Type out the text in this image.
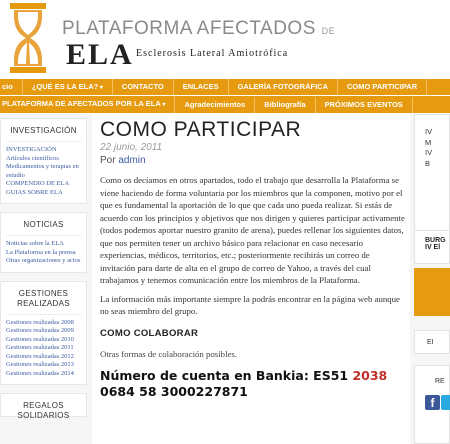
PLATAFORMA AFECTADOS DE
ELA Esclerosis Lateral Amiotrófica
cio	¿QUÉ ES LA ELA? ▾	CONTACTO	ENLACES	GALERÍA FOTOGRÁFICA	COMO PARTICIPAR
PLATAFORMA DE AFECTADOS POR LA ELA ▾	Agradecimientos	Bibliografía	PRÓXIMOS EVENTOS
INVESTIGACIÓN
INVESTIGACIÓN
Artículos científicos
Medicamentos y terapias en estudio
COMPENDIO DE ELA
GUIAS SOBRE ELA
NOTICIAS
Noticias sobre la ELA
La Plataforma en la prensa
Otras organizaciones y actos
GESTIONES REALIZADAS
Gestiones realizadas 2008
Gestiones realizadas 2009
Gestiones realizadas 2010
Gestiones realizadas 2011
Gestiones realizadas 2012
Gestiones realizadas 2013
Gestiones realizadas 2014
REGALOS SOLIDARIOS
COMO PARTICIPAR
22 junio, 2011
Por admin

Como os decíamos en otros apartados, todo el trabajo que desarrolla la Plataforma se viene haciendo de forma voluntaria por los miembros que la componen, motivo por el que es fundamental la aportación de lo que que cada uno pueda realizar. Si estás de acuerdo con los principios y objetivos que nos dirigen y quieres participar activamente (todos podemos aportar nuestro granito de arena), puedes rellenar los siguientes datos, que nos permiten tener un archivo básico para relacionar en caso necesario experiencias, médicos, territorios, etc.; posteriormente recibirás un correo de invitación para darte de alta en el grupo de correo de Yahoo, a través del cual trabajamos y tenemos comunicación entre los miembros de la Plataforma.

La información más importante siempre la podrás encontrar en la página web aunque no seas miembro del grupo.

COMO COLABORAR
Otras formas de colaboración posibles.
Número de cuenta en Bankia: ES51 2038
0684 58 3000227871
IV
M
IV
B
BURG
IV El
EI
RE
f
